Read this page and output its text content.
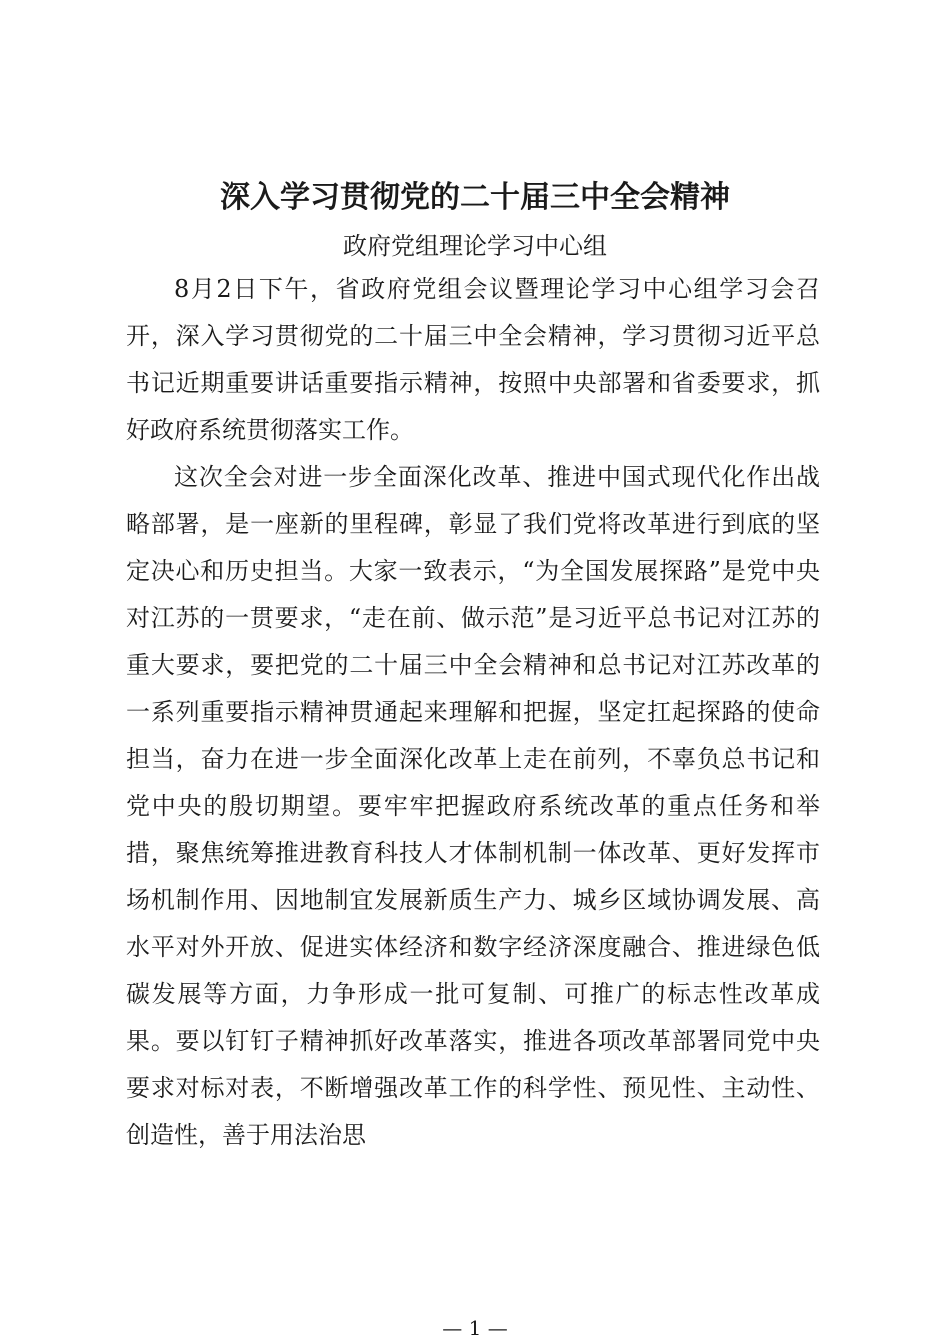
深入学习贯彻党的二十届三中全会精神
政府党组理论学习中心组

8月2日下午，省政府党组会议暨理论学习中心组学习会召开，深入学习贯彻党的二十届三中全会精神，学习贯彻习近平总书记近期重要讲话重要指示精神，按照中央部署和省委要求，抓好政府系统贯彻落实工作。

这次全会对进一步全面深化改革、推进中国式现代化作出战略部署，是一座新的里程碑，彰显了我们党将改革进行到底的坚定决心和历史担当。大家一致表示，“为全国发展探路”是党中央对江苏的一贯要求，“走在前、做示范”是习近平总书记对江苏的重大要求，要把党的二十届三中全会精神和总书记对江苏改革的一系列重要指示精神贯通起来理解和把握，坚定扛起探路的使命担当，奋力在进一步全面深化改革上走在前列，不辜负总书记和党中央的殷切期望。要牢牢把握政府系统改革的重点任务和举措，聚焦统筹推进教育科技人才体制机制一体改革、更好发挥市场机制作用、因地制宜发展新质生产力、城乡区域协调发展、高水平对外开放、促进实体经济和数字经济深度融合、推进绿色低碳发展等方面，力争形成一批可复制、可推广的标志性改革成果。要以钉钉子精神抓好改革落实，推进各项改革部署同党中央要求对标对表，不断增强改革工作的科学性、预见性、主动性、创造性，善于用法治思

— 1 —
